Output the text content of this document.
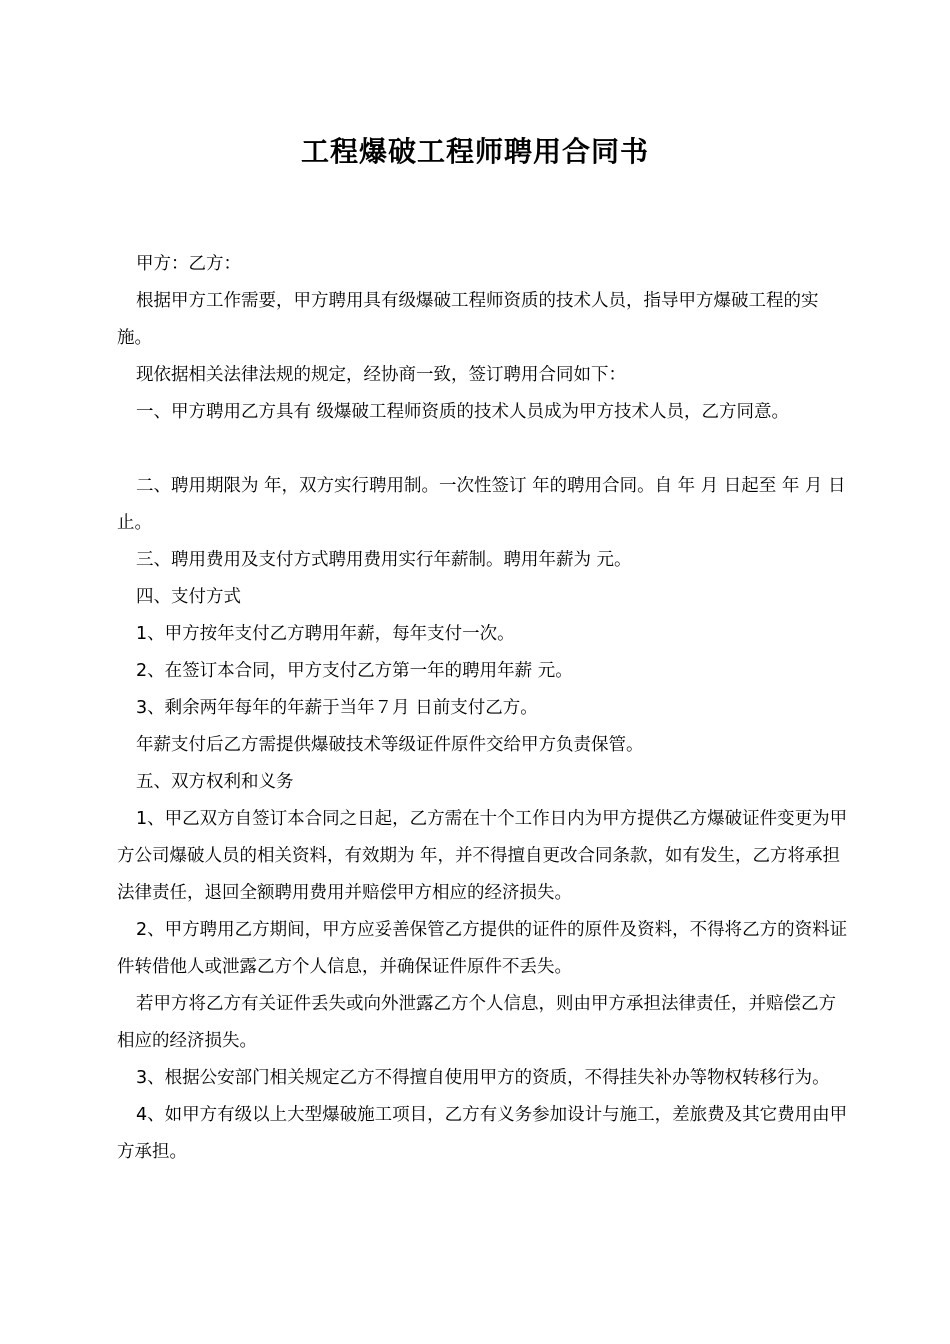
工程爆破工程师聘用合同书

甲方：乙方：

根据甲方工作需要，甲方聘用具有级爆破工程师资质的技术人员，指导甲方爆破工程的实施。

现依据相关法律法规的规定，经协商一致，签订聘用合同如下：

一、甲方聘用乙方具有 级爆破工程师资质的技术人员成为甲方技术人员，乙方同意。

二、聘用期限为 年，双方实行聘用制。一次性签订 年的聘用合同。自 年 月 日起至 年 月 日止。

三、聘用费用及支付方式聘用费用实行年薪制。聘用年薪为 元。

四、支付方式

1、甲方按年支付乙方聘用年薪，每年支付一次。

2、在签订本合同，甲方支付乙方第一年的聘用年薪 元。

3、剩余两年每年的年薪于当年７月 日前支付乙方。

年薪支付后乙方需提供爆破技术等级证件原件交给甲方负责保管。

五、双方权利和义务

1、甲乙双方自签订本合同之日起，乙方需在十个工作日内为甲方提供乙方爆破证件变更为甲方公司爆破人员的相关资料，有效期为 年，并不得擅自更改合同条款，如有发生，乙方将承担法律责任，退回全额聘用费用并赔偿甲方相应的经济损失。

2、甲方聘用乙方期间，甲方应妥善保管乙方提供的证件的原件及资料，不得将乙方的资料证件转借他人或泄露乙方个人信息，并确保证件原件不丢失。

若甲方将乙方有关证件丢失或向外泄露乙方个人信息，则由甲方承担法律责任，并赔偿乙方相应的经济损失。

3、根据公安部门相关规定乙方不得擅自使用甲方的资质，不得挂失补办等物权转移行为。

4、如甲方有级以上大型爆破施工项目，乙方有义务参加设计与施工，差旅费及其它费用由甲方承担。
